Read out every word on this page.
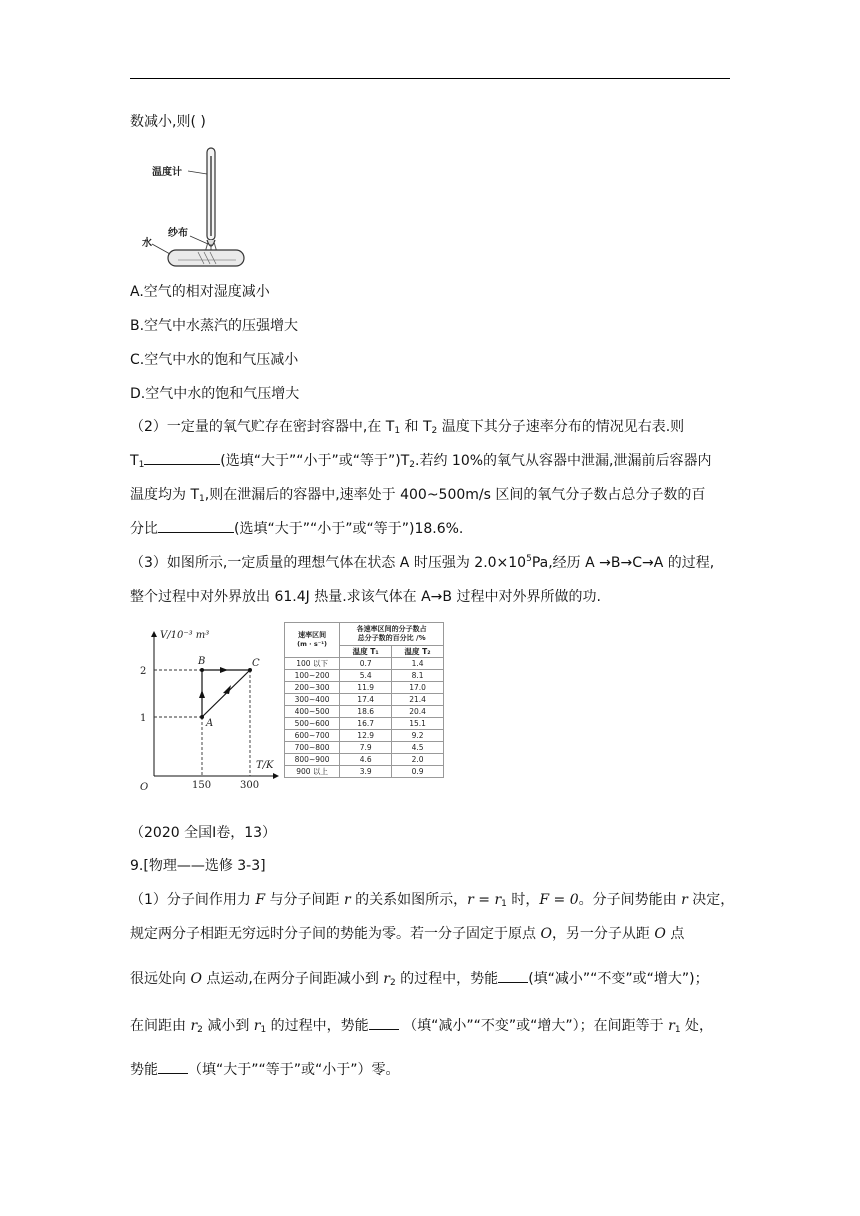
数减小,则( )
温度计
纱布
水
A.空气的相对湿度减小
B.空气中水蒸汽的压强增大
C.空气中水的饱和气压减小
D.空气中水的饱和气压增大
（2）一定量的氧气贮存在密封容器中,在 $T_1$ 和 $T_2$ 温度下其分子速率分布的情况见右表.则
$T_1$	(选填“大于”“小于”或“等于$”)T_2$.若约 10%的氧气从容器中泄漏,泄漏前后容器内
温度均为 $T_1$,则在泄漏后的容器中,速率处于 400~500m/s 区间的氧气分子数占总分子数的百
分比	(选填“大于”“小于”或“等于”)18.6%.
（3）如图所示,一定质量的理想气体在状态 A 时压强为 $2.0\times 10^5Pa$,经历 A →B→C→A 的过程,
整个过程中对外界放出 61.4J 热量.求该气体在 A→B 过程中对外界所做的功.
V/10⁻³ m³
T/K
O
2
1
150	300
A
B	C
速率区间
(m · s⁻¹)	各速率区间的分子数占
总分子数的百分比 /%	
	温度 T₁	温度 T₂
100 以下	0.7	1.4
100~200	5.4	8.1
200~300	11.9	17.0
300~400	17.4	21.4
400~500	18.6	20.4
500~600	16.7	15.1
600~700	12.9	9.2
700~800	7.9	4.5
800~900	4.6	2.0
900 以上	3.9	0.9
（2020 全国Ⅰ卷，13）
9.[物理——选修 3-3]
（1）分子间作用力 F 与分子间距 r 的关系如图所示，$r = r_1$ 时，F = 0。分子间势能由 r 决定，
规定两分子相距无穷远时分子间的势能为零。若一分子固定于原点 O，另一分子从距 O 点
很远处向 O 点运动,在两分子间距减小到 $r_2$ 的过程中，势能 (填“减小”“不变”或“增大”)；
在间距由 $r_2$ 减小到 $r_1$ 的过程中，势能 （填“减小”“不变”或“增大”）；在间距等于 $r_1$ 处，
势能 （填“大于”“等于”或“小于”）零。
